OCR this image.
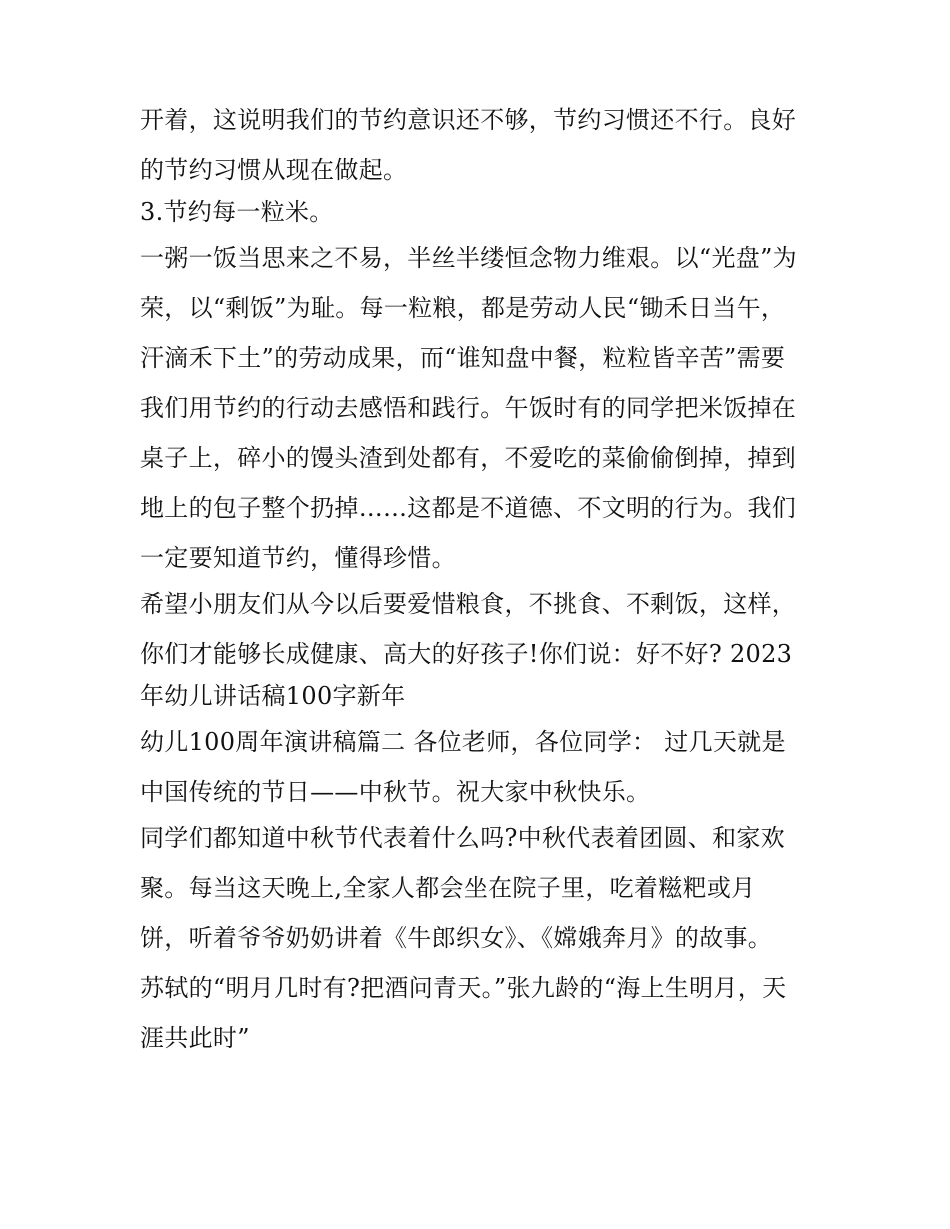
开着，这说明我们的节约意识还不够，节约习惯还不行。良好
的节约习惯从现在做起。
3.节约每一粒米。
一粥一饭当思来之不易，半丝半缕恒念物力维艰。以“光盘”为
荣，以“剩饭”为耻。每一粒粮，都是劳动人民“锄禾日当午，
汗滴禾下土”的劳动成果，而“谁知盘中餐，粒粒皆辛苦”需要
我们用节约的行动去感悟和践行。午饭时有的同学把米饭掉在
桌子上，碎小的馒头渣到处都有，不爱吃的菜偷偷倒掉，掉到
地上的包子整个扔掉……这都是不道德、不文明的行为。我们
一定要知道节约，懂得珍惜。
希望小朋友们从今以后要爱惜粮食，不挑食、不剩饭，这样，
你们才能够长成健康、高大的好孩子!你们说：好不好? 2023
年幼儿讲话稿100字新年
幼儿100周年演讲稿篇二 各位老师，各位同学： 过几天就是
中国传统的节日——中秋节。祝大家中秋快乐。
同学们都知道中秋节代表着什么吗?中秋代表着团圆、和家欢
聚。每当这天晚上,全家人都会坐在院子里，吃着糍粑或月
饼，听着爷爷奶奶讲着《牛郎织女》、《嫦娥奔月》的故事。
苏轼的“明月几时有?把酒问青天。”张九龄的“海上生明月，天
涯共此时”
